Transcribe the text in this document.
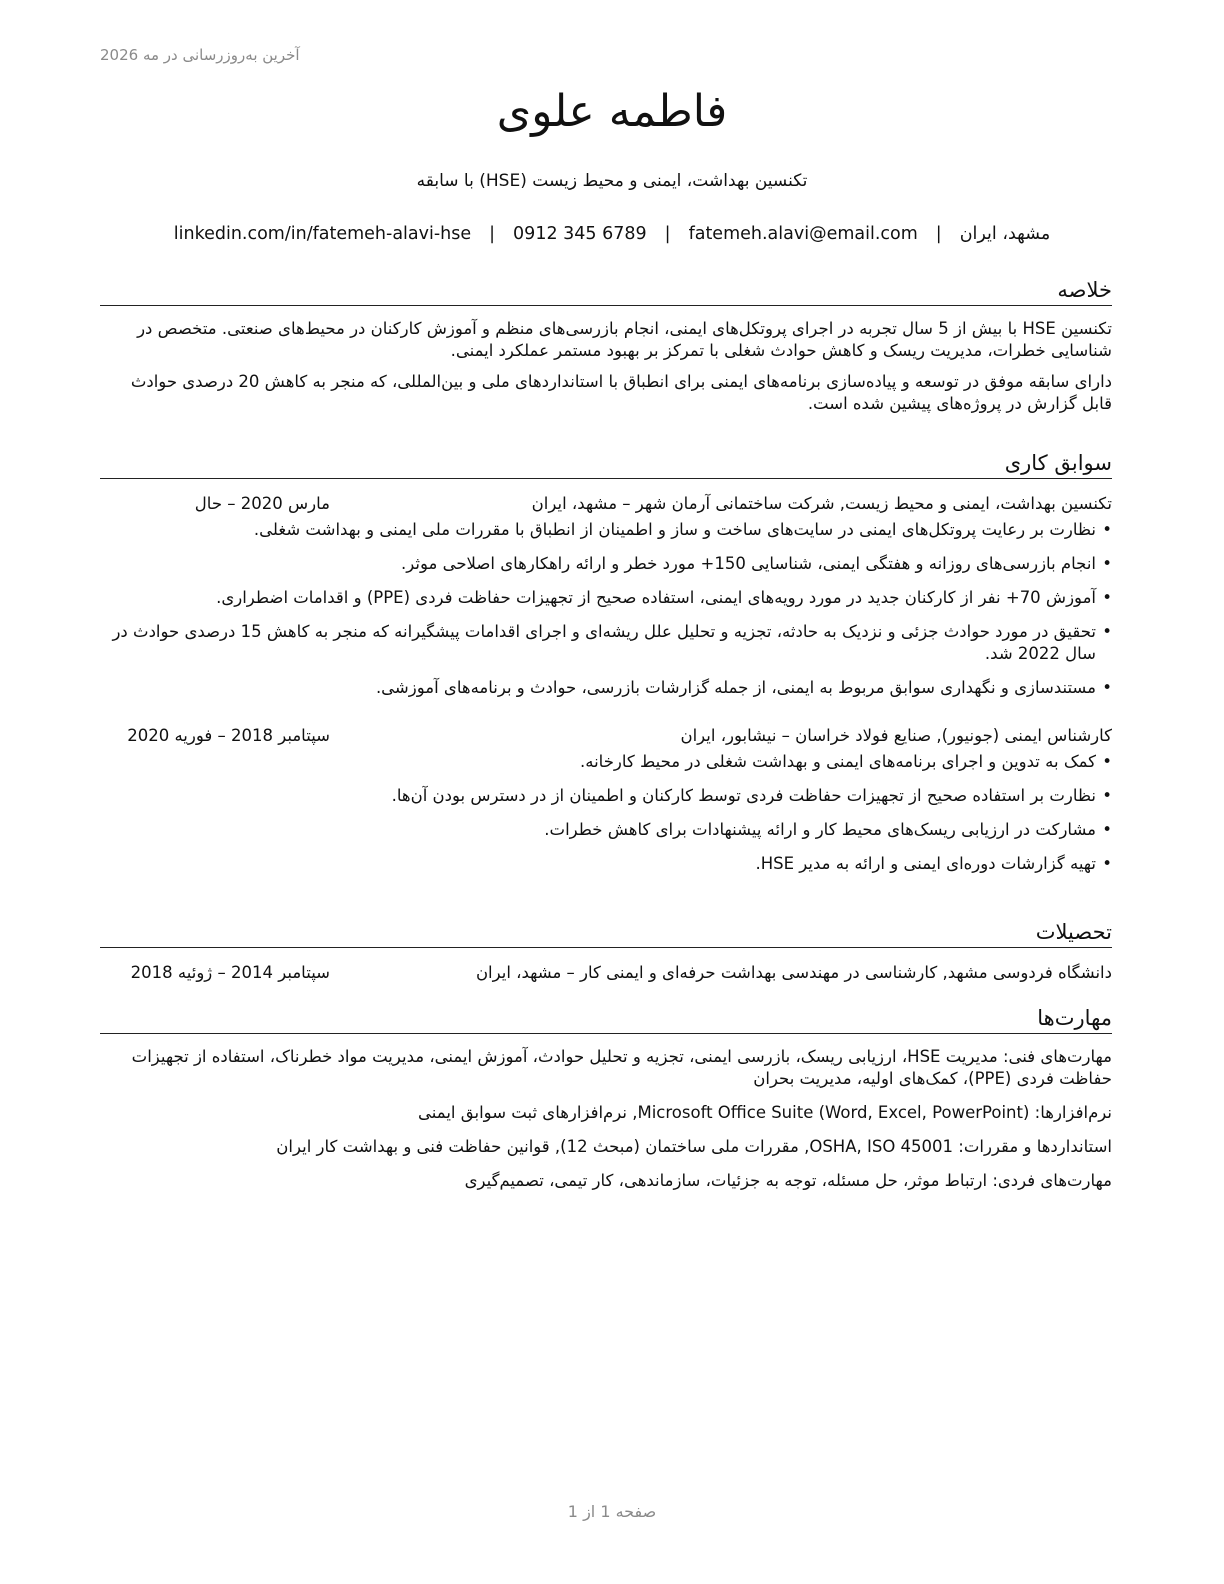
آخرین به‌روزرسانی در مه 2026
فاطمه علوی
تکنسین بهداشت، ایمنی و محیط زیست (HSE) با سابقه
مشهد، ایران
|
fatemeh.alavi@email.com
|
0912 345 6789
|
linkedin.com/in/fatemeh-alavi-hse
خلاصه

تکنسین HSE با بیش از 5 سال تجربه در اجرای پروتکل‌های ایمنی، انجام بازرسی‌های منظم و آموزش کارکنان در محیط‌های صنعتی. متخصص در شناسایی خطرات، مدیریت ریسک و کاهش حوادث شغلی با تمرکز بر بهبود مستمر عملکرد ایمنی.

دارای سابقه موفق در توسعه و پیاده‌سازی برنامه‌های ایمنی برای انطباق با استانداردهای ملی و بین‌المللی، که منجر به کاهش 20 درصدی حوادث قابل گزارش در پروژه‌های پیشین شده است.

سوابق کاری
تکنسین بهداشت، ایمنی و محیط زیست, شرکت ساختمانی آرمان شهر – مشهد، ایران
مارس 2020 – حال
•
نظارت بر رعایت پروتکل‌های ایمنی در سایت‌های ساخت و ساز و اطمینان از انطباق با مقررات ملی ایمنی و بهداشت شغلی.
•
انجام بازرسی‌های روزانه و هفتگی ایمنی، شناسایی 150+ مورد خطر و ارائه راهکارهای اصلاحی موثر.
•
آموزش 70+ نفر از کارکنان جدید در مورد رویه‌های ایمنی، استفاده صحیح از تجهیزات حفاظت فردی (PPE) و اقدامات اضطراری.
•
تحقیق در مورد حوادث جزئی و نزدیک به حادثه، تجزیه و تحلیل علل ریشه‌ای و اجرای اقدامات پیشگیرانه که منجر به کاهش 15 درصدی حوادث در سال 2022 شد.
•
مستندسازی و نگهداری سوابق مربوط به ایمنی، از جمله گزارشات بازرسی، حوادث و برنامه‌های آموزشی.
کارشناس ایمنی (جونیور), صنایع فولاد خراسان – نیشابور، ایران
سپتامبر 2018 – فوریه 2020
•
کمک به تدوین و اجرای برنامه‌های ایمنی و بهداشت شغلی در محیط کارخانه.
•
نظارت بر استفاده صحیح از تجهیزات حفاظت فردی توسط کارکنان و اطمینان از در دسترس بودن آن‌ها.
•
مشارکت در ارزیابی ریسک‌های محیط کار و ارائه پیشنهادات برای کاهش خطرات.
•
تهیه گزارشات دوره‌ای ایمنی و ارائه به مدیر HSE.
تحصیلات
دانشگاه فردوسی مشهد, کارشناسی در مهندسی بهداشت حرفه‌ای و ایمنی کار – مشهد، ایران
سپتامبر 2014 – ژوئیه 2018
مهارت‌ها

مهارت‌های فنی: مدیریت HSE، ارزیابی ریسک، بازرسی ایمنی، تجزیه و تحلیل حوادث، آموزش ایمنی، مدیریت مواد خطرناک، استفاده از تجهیزات حفاظت فردی (PPE)، کمک‌های اولیه، مدیریت بحران

نرم‌افزارها: Microsoft Office Suite (Word, Excel, PowerPoint), نرم‌افزارهای ثبت سوابق ایمنی

استانداردها و مقررات: OSHA, ISO 45001, مقررات ملی ساختمان (مبحث 12), قوانین حفاظت فنی و بهداشت کار ایران

مهارت‌های فردی: ارتباط موثر، حل مسئله، توجه به جزئیات، سازماندهی، کار تیمی، تصمیم‌گیری

صفحه 1 از 1
